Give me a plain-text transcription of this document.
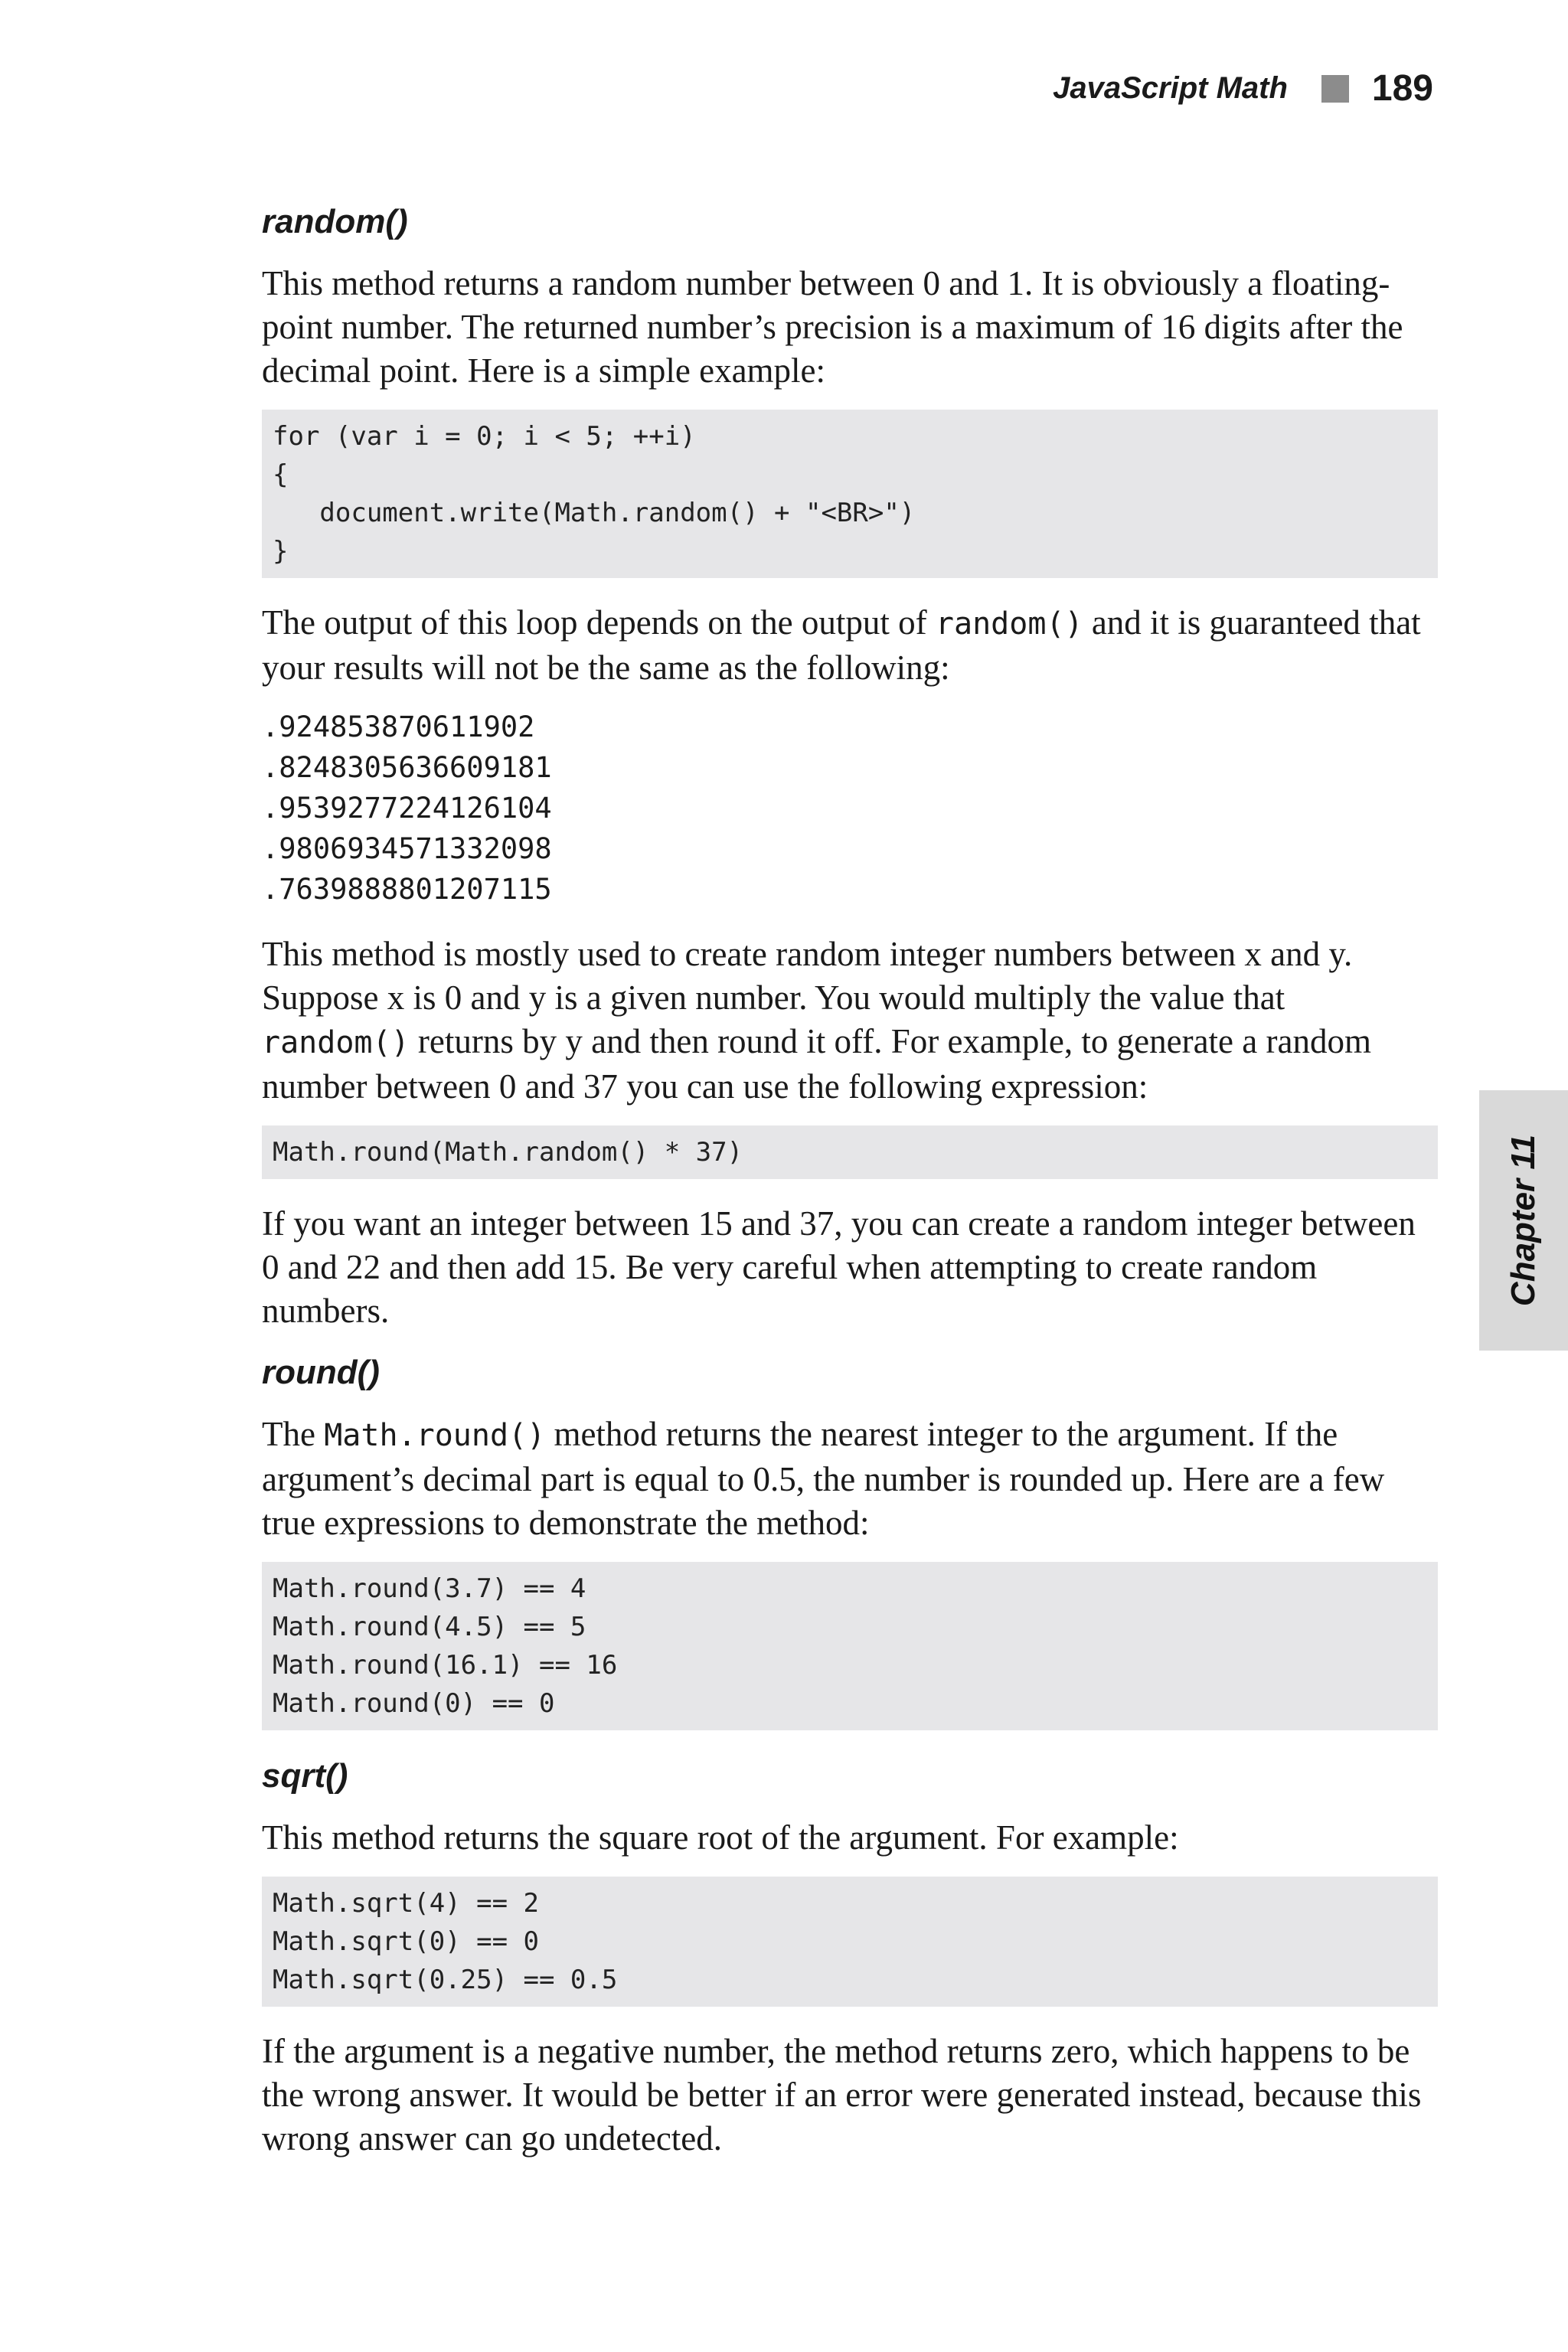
JavaScript Math 189
Chapter 11
random()

This method returns a random number between 0 and 1. It is obviously a floating-point number. The returned number’s precision is a maximum of 16 digits after the decimal point. Here is a simple example:

for (var i = 0; i < 5; ++i)
{
document.write(Math.random() + "<BR>")
}

The output of this loop depends on the output of random() and it is guaranteed that your results will not be the same as the following:

.924853870611902
.8248305636609181
.9539277224126104
.9806934571332098
.7639888801207115

This method is mostly used to create random integer numbers between x and y. Suppose x is 0 and y is a given number. You would multiply the value that random() returns by y and then round it off. For example, to generate a random number between 0 and 37 you can use the following expression:

Math.round(Math.random() * 37)

If you want an integer between 15 and 37, you can create a random integer between 0 and 22 and then add 15. Be very careful when attempting to create random numbers.

round()

The Math.round() method returns the nearest integer to the argument. If the argument’s decimal part is equal to 0.5, the number is rounded up. Here are a few true expressions to demonstrate the method:

Math.round(3.7) == 4
Math.round(4.5) == 5
Math.round(16.1) == 16
Math.round(0) == 0
sqrt()

This method returns the square root of the argument. For example:

Math.sqrt(4) == 2
Math.sqrt(0) == 0
Math.sqrt(0.25) == 0.5

If the argument is a negative number, the method returns zero, which happens to be the wrong answer. It would be better if an error were generated instead, because this wrong answer can go undetected.
